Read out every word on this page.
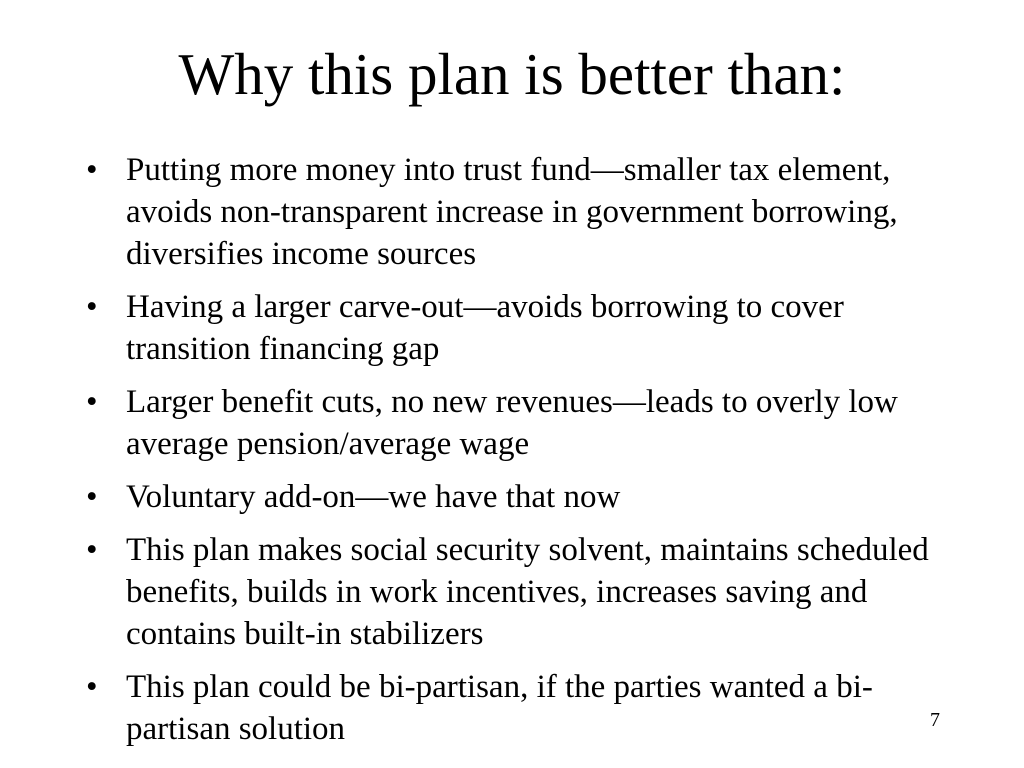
Why this plan is better than:
• Putting more money into trust fund—smaller tax element, avoids non-transparent increase in government borrowing, diversifies income sources
• Having a larger carve-out—avoids borrowing to cover transition financing gap
• Larger benefit cuts, no new revenues—leads to overly low average pension/average wage
• Voluntary add-on—we have that now
• This plan makes social security solvent, maintains scheduled benefits, builds in work incentives, increases saving and contains built-in stabilizers
• This plan could be bi-partisan, if the parties wanted a bi-partisan solution	7
